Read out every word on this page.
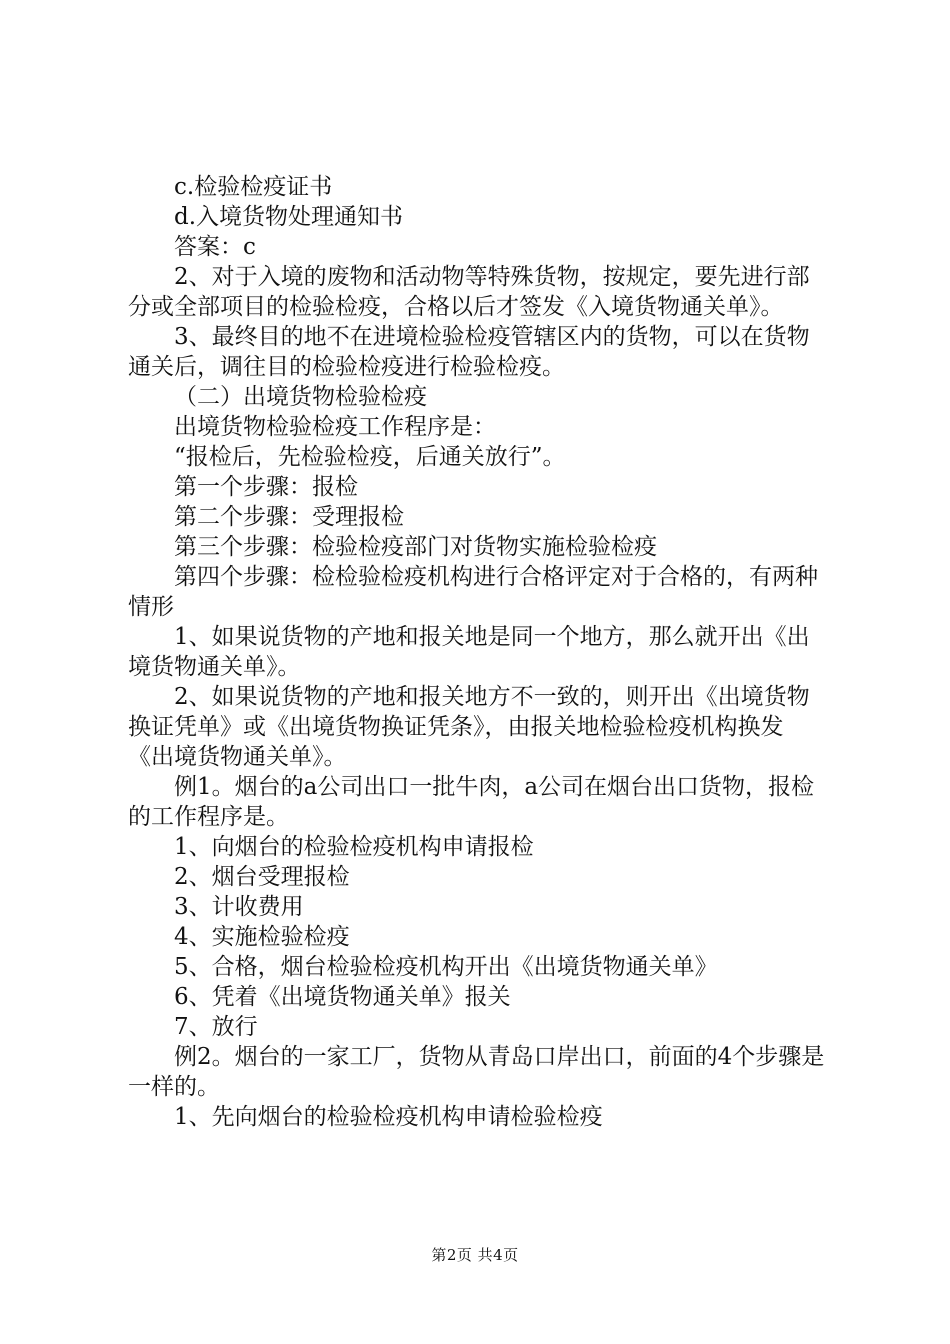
c.检验检疫证书

d.入境货物处理通知书

答案：c

2、对于入境的废物和活动物等特殊货物，按规定，要先进行部分或全部项目的检验检疫，合格以后才签发《入境货物通关单》。

3、最终目的地不在进境检验检疫管辖区内的货物，可以在货物通关后，调往目的检验检疫进行检验检疫。

（二）出境货物检验检疫

出境货物检验检疫工作程序是：

“报检后，先检验检疫，后通关放行”。

第一个步骤：报检

第二个步骤：受理报检

第三个步骤：检验检疫部门对货物实施检验检疫

第四个步骤：检检验检疫机构进行合格评定对于合格的，有两种情形

1、如果说货物的产地和报关地是同一个地方，那么就开出《出境货物通关单》。

2、如果说货物的产地和报关地方不一致的，则开出《出境货物换证凭单》或《出境货物换证凭条》，由报关地检验检疫机构换发《出境货物通关单》。

例1。烟台的a公司出口一批牛肉，a公司在烟台出口货物，报检的工作程序是。

1、向烟台的检验检疫机构申请报检

2、烟台受理报检

3、计收费用

4、实施检验检疫

5、合格，烟台检验检疫机构开出《出境货物通关单》

6、凭着《出境货物通关单》报关

7、放行

例2。烟台的一家工厂，货物从青岛口岸出口，前面的4个步骤是一样的。

1、先向烟台的检验检疫机构申请检验检疫

第2页 共4页
